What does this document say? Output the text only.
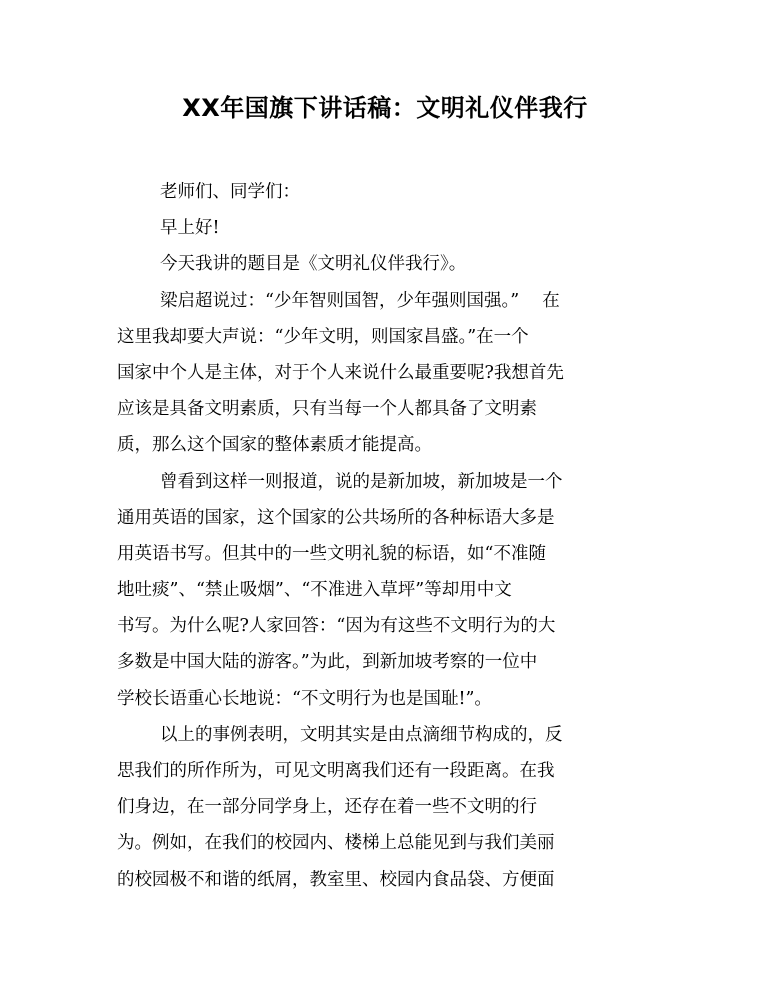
XX年国旗下讲话稿：文明礼仪伴我行
老师们、同学们：
早上好!
今天我讲的题目是《文明礼仪伴我行》。
梁启超说过：“少年智则国智，少年强则国强。”　 在
这里我却要大声说：“少年文明，则国家昌盛。”在一个
国家中个人是主体，对于个人来说什么最重要呢?我想首先
应该是具备文明素质，只有当每一个人都具备了文明素
质，那么这个国家的整体素质才能提高。
曾看到这样一则报道，说的是新加坡，新加坡是一个
通用英语的国家，这个国家的公共场所的各种标语大多是
用英语书写。但其中的一些文明礼貌的标语，如“不准随
地吐痰”、“禁止吸烟”、“不准进入草坪”等却用中文
书写。为什么呢?人家回答：“因为有这些不文明行为的大
多数是中国大陆的游客。”为此，到新加坡考察的一位中
学校长语重心长地说：“不文明行为也是国耻!”。
以上的事例表明，文明其实是由点滴细节构成的，反
思我们的所作所为，可见文明离我们还有一段距离。在我
们身边，在一部分同学身上，还存在着一些不文明的行
为。例如，在我们的校园内、楼梯上总能见到与我们美丽
的校园极不和谐的纸屑，教室里、校园内食品袋、方便面
